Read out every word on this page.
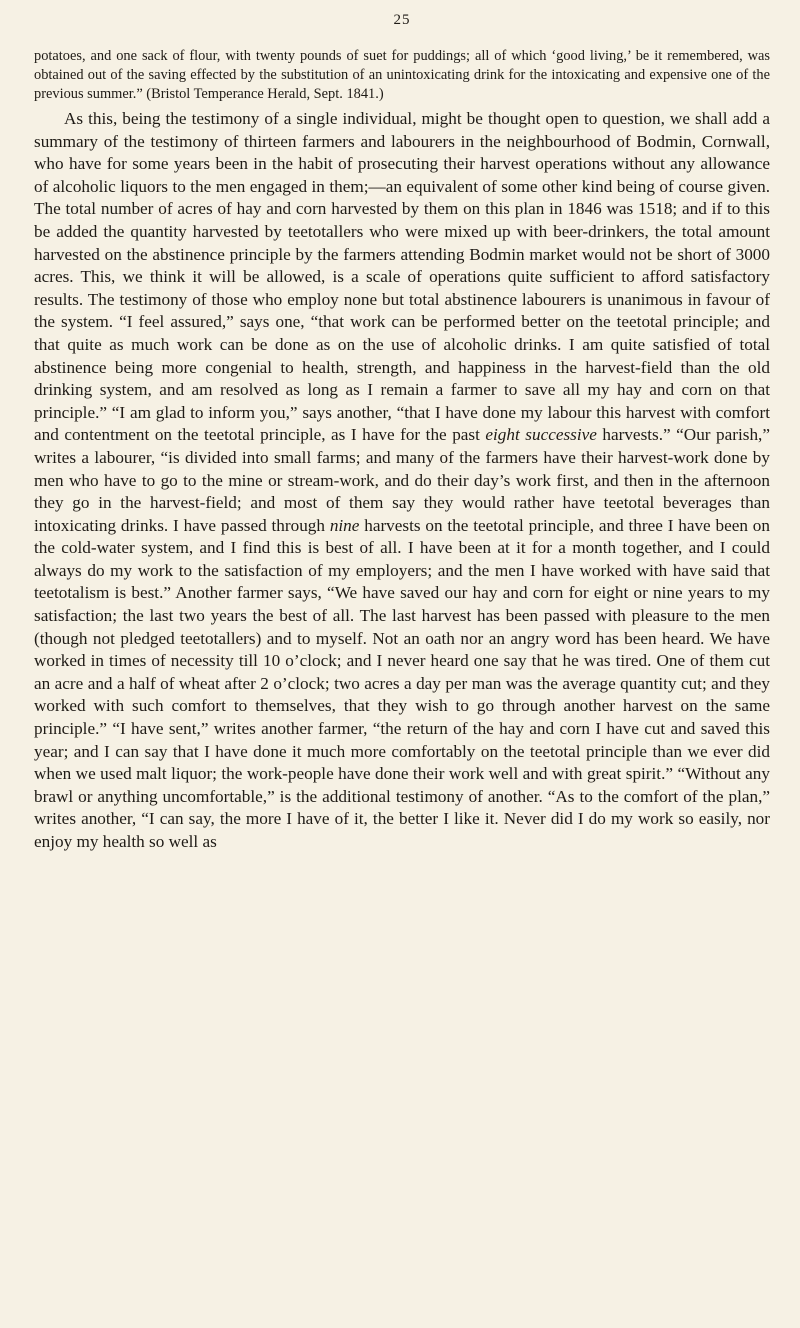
25

potatoes, and one sack of flour, with twenty pounds of suet for puddings; all of which ‘good living,’ be it remembered, was obtained out of the saving effected by the substitution of an unintoxicating drink for the intoxicating and expensive one of the previous summer.” (Bristol Temperance Herald, Sept. 1841.)

As this, being the testimony of a single individual, might be thought open to question, we shall add a summary of the testimony of thirteen farmers and labourers in the neighbourhood of Bodmin, Cornwall, who have for some years been in the habit of prosecuting their harvest operations without any allowance of alcoholic liquors to the men engaged in them;—an equivalent of some other kind being of course given. The total number of acres of hay and corn harvested by them on this plan in 1846 was 1518; and if to this be added the quantity harvested by teetotallers who were mixed up with beer-drinkers, the total amount harvested on the abstinence principle by the farmers attending Bodmin market would not be short of 3000 acres. This, we think it will be allowed, is a scale of operations quite sufficient to afford satisfactory results. The testimony of those who employ none but total abstinence labourers is unanimous in favour of the system. “I feel assured,” says one, “that work can be performed better on the teetotal principle; and that quite as much work can be done as on the use of alcoholic drinks. I am quite satisfied of total abstinence being more congenial to health, strength, and happiness in the harvest-field than the old drinking system, and am resolved as long as I remain a farmer to save all my hay and corn on that principle.” “I am glad to inform you,” says another, “that I have done my labour this harvest with comfort and contentment on the teetotal principle, as I have for the past eight successive harvests.” “Our parish,” writes a labourer, “is divided into small farms; and many of the farmers have their harvest-work done by men who have to go to the mine or stream-work, and do their day’s work first, and then in the afternoon they go in the harvest-field; and most of them say they would rather have teetotal beverages than intoxicating drinks. I have passed through nine harvests on the teetotal principle, and three I have been on the cold-water system, and I find this is best of all. I have been at it for a month together, and I could always do my work to the satisfaction of my employers; and the men I have worked with have said that teetotalism is best.” Another farmer says, “We have saved our hay and corn for eight or nine years to my satisfaction; the last two years the best of all. The last harvest has been passed with pleasure to the men (though not pledged teetotallers) and to myself. Not an oath nor an angry word has been heard. We have worked in times of necessity till 10 o’clock; and I never heard one say that he was tired. One of them cut an acre and a half of wheat after 2 o’clock; two acres a day per man was the average quantity cut; and they worked with such comfort to themselves, that they wish to go through another harvest on the same principle.” “I have sent,” writes another farmer, “the return of the hay and corn I have cut and saved this year; and I can say that I have done it much more comfortably on the teetotal principle than we ever did when we used malt liquor; the work-people have done their work well and with great spirit.” “Without any brawl or anything uncomfortable,” is the additional testimony of another. “As to the comfort of the plan,” writes another, “I can say, the more I have of it, the better I like it. Never did I do my work so easily, nor enjoy my health so well as
